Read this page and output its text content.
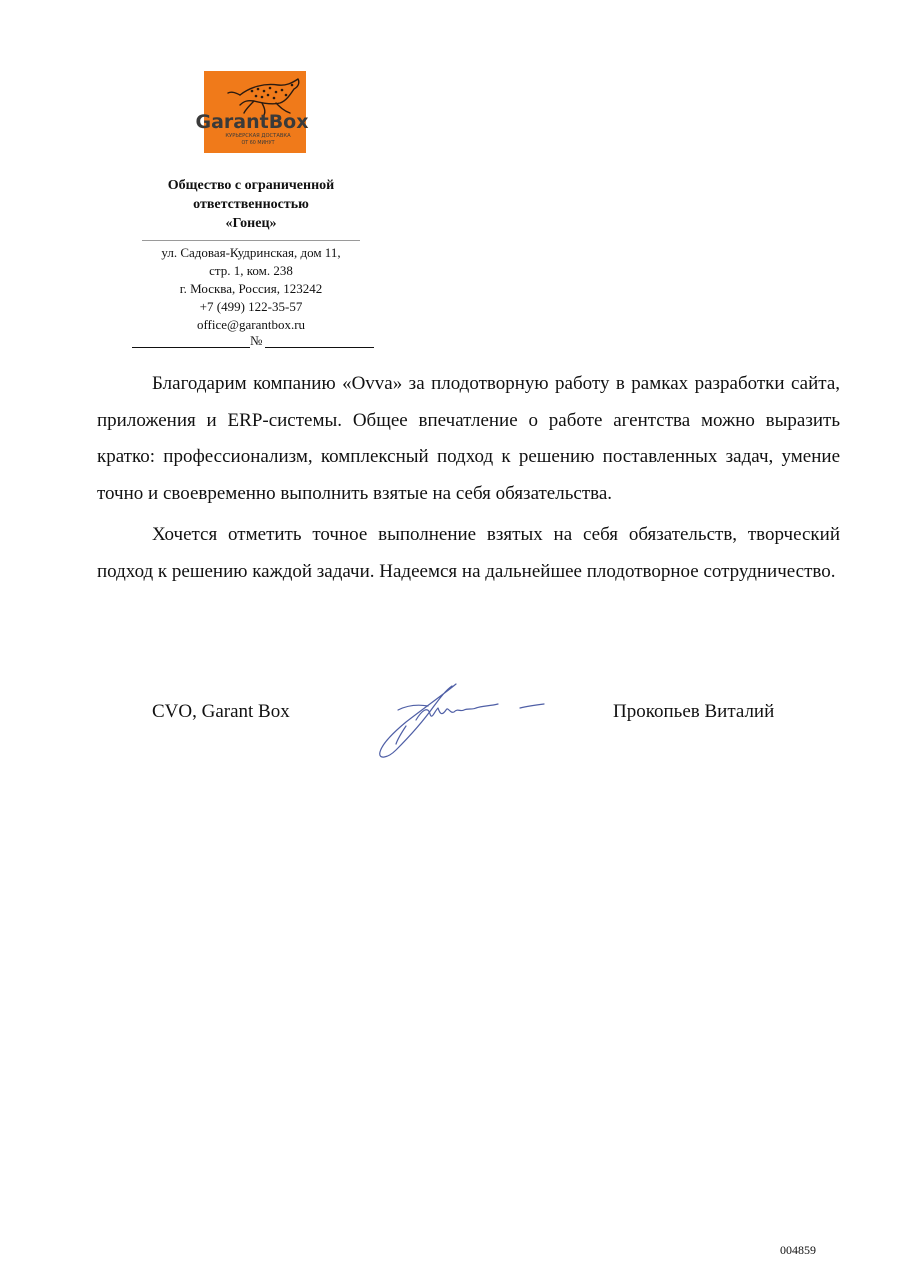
GarantBox
КУРЬЕРСКАЯ ДОСТАВКА
ОТ 60 МИНУТ
Общество с ограниченной
ответственностью
«Гонец»
ул. Садовая-Кудринская, дом 11,
стр. 1, ком. 238
г. Москва, Россия, 123242
+7 (499) 122-35-57
office@garantbox.ru
№

Благодарим компанию «Ovva» за плодотворную работу в рамках разработки сайта, приложения и ERP-системы. Общее впечатление о работе агентства можно выразить кратко: профессионализм, комплексный подход к решению поставленных задач, умение точно и своевременно выполнить взятые на себя обязательства.

Хочется отметить точное выполнение взятых на себя обязательств, творческий подход к решению каждой задачи. Надеемся на дальнейшее плодотворное сотрудничество.

CVO, Garant Box	Прокопьев Виталий
004859
